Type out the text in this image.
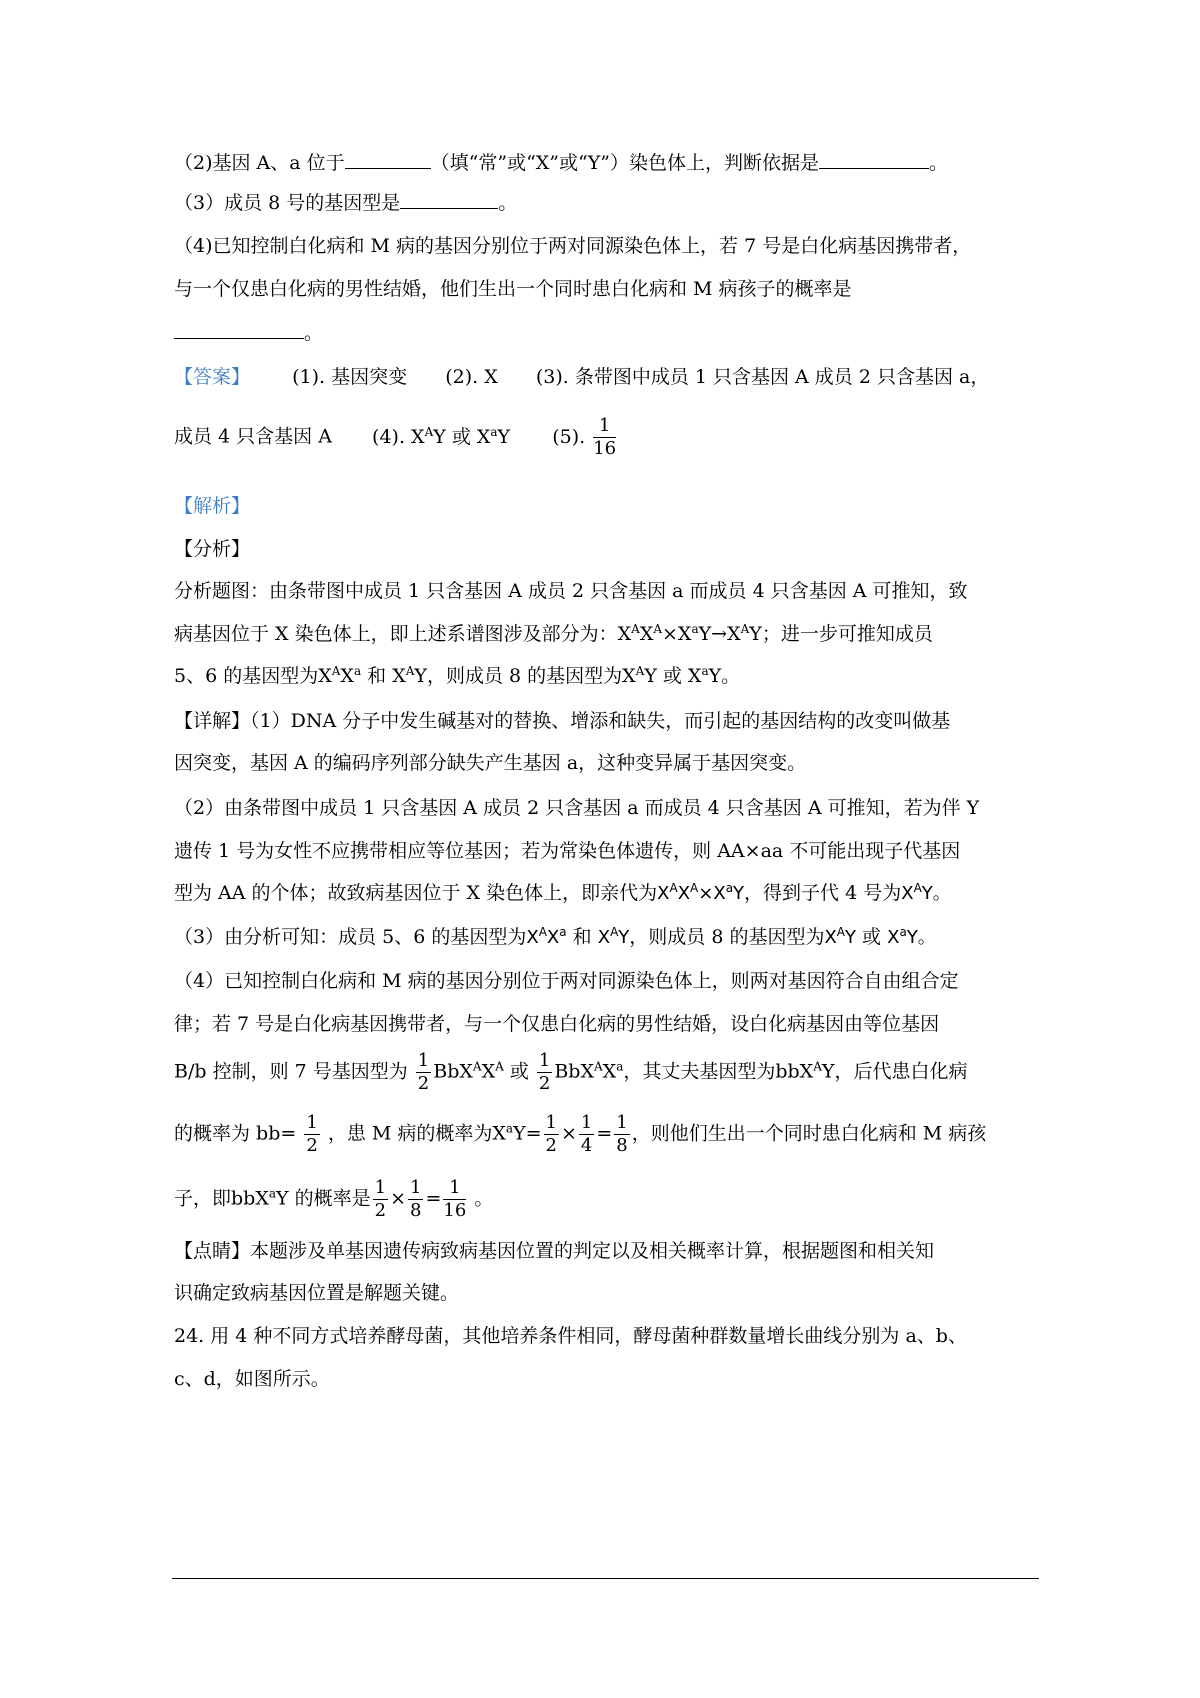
（2)基因 A、a 位于	（填“常”或“X”或“Y”）染色体上，判断依据是	。
（3）成员 8 号的基因型是	。
（4)已知控制白化病和 M 病的基因分别位于两对同源染色体上，若 7 号是白化病基因携带者，
与一个仅患白化病的男性结婚，他们生出一个同时患白化病和 M 病孩子的概率是
。
【答案】 (1). 基因突变 (2). X (3). 条带图中成员 1 只含基因 A 成员 2 只含基因 a，
成员 4 只含基因 A (4). $X^AY$ 或 $X^aY$ (5). $\frac{1}{16}$
【解析】
【分析】
分析题图：由条带图中成员 1 只含基因 A 成员 2 只含基因 a 而成员 4 只含基因 A 可推知，致
病基因位于 X 染色体上，即上述系谱图涉及部分为：$X^AX^A\times X^aY\to X^AY$；进一步可推知成员
5、6 的基因型为$X^AX^a$ 和 $X^AY$，则成员 8 的基因型为$X^AY$ 或 $X^aY$。
【详解】（1）DNA 分子中发生碱基对的替换、增添和缺失，而引起的基因结构的改变叫做基
因突变，基因 A 的编码序列部分缺失产生基因 a，这种变异属于基因突变。
（2）由条带图中成员 1 只含基因 A 成员 2 只含基因 a 而成员 4 只含基因 A 可推知，若为伴 Y
遗传 1 号为女性不应携带相应等位基因；若为常染色体遗传，则 AA×aa 不可能出现子代基因
型为 AA 的个体；故致病基因位于 X 染色体上，即亲代为$X^AX^A\times X^aY$，得到子代 4 号为$X^AY$。
（3）由分析可知：成员 5、6 的基因型为$X^AX^a$ 和 $X^AY$，则成员 8 的基因型为$X^AY$ 或 $X^aY$。
（4）已知控制白化病和 M 病的基因分别位于两对同源染色体上，则两对基因符合自由组合定
律；若 7 号是白化病基因携带者，与一个仅患白化病的男性结婚，设白化病基因由等位基因
B/b 控制，则 7 号基因型为 $\frac{1}{2} BbX^AX^A$ 或 $\frac{1}{2} BbX^AX^a$，其丈夫基因型为bbX$^A$Y，后代患白化病
的概率为 $bb= \frac{1}{2}$ ，患 M 病的概率为$X^aY= \frac{1}{2} \times \frac{1}{4} = \frac{1}{8}$ ，则他们生出一个同时患白化病和 M 病孩
子，即bbX$^a$Y 的概率是 $\frac{1}{2} \times \frac{1}{8} = \frac{1}{16}$ 。
【点睛】本题涉及单基因遗传病致病基因位置的判定以及相关概率计算，根据题图和相关知
识确定致病基因位置是解题关键。
24. 用 4 种不同方式培养酵母菌，其他培养条件相同，酵母菌种群数量增长曲线分别为 a、b、
c、d，如图所示。
